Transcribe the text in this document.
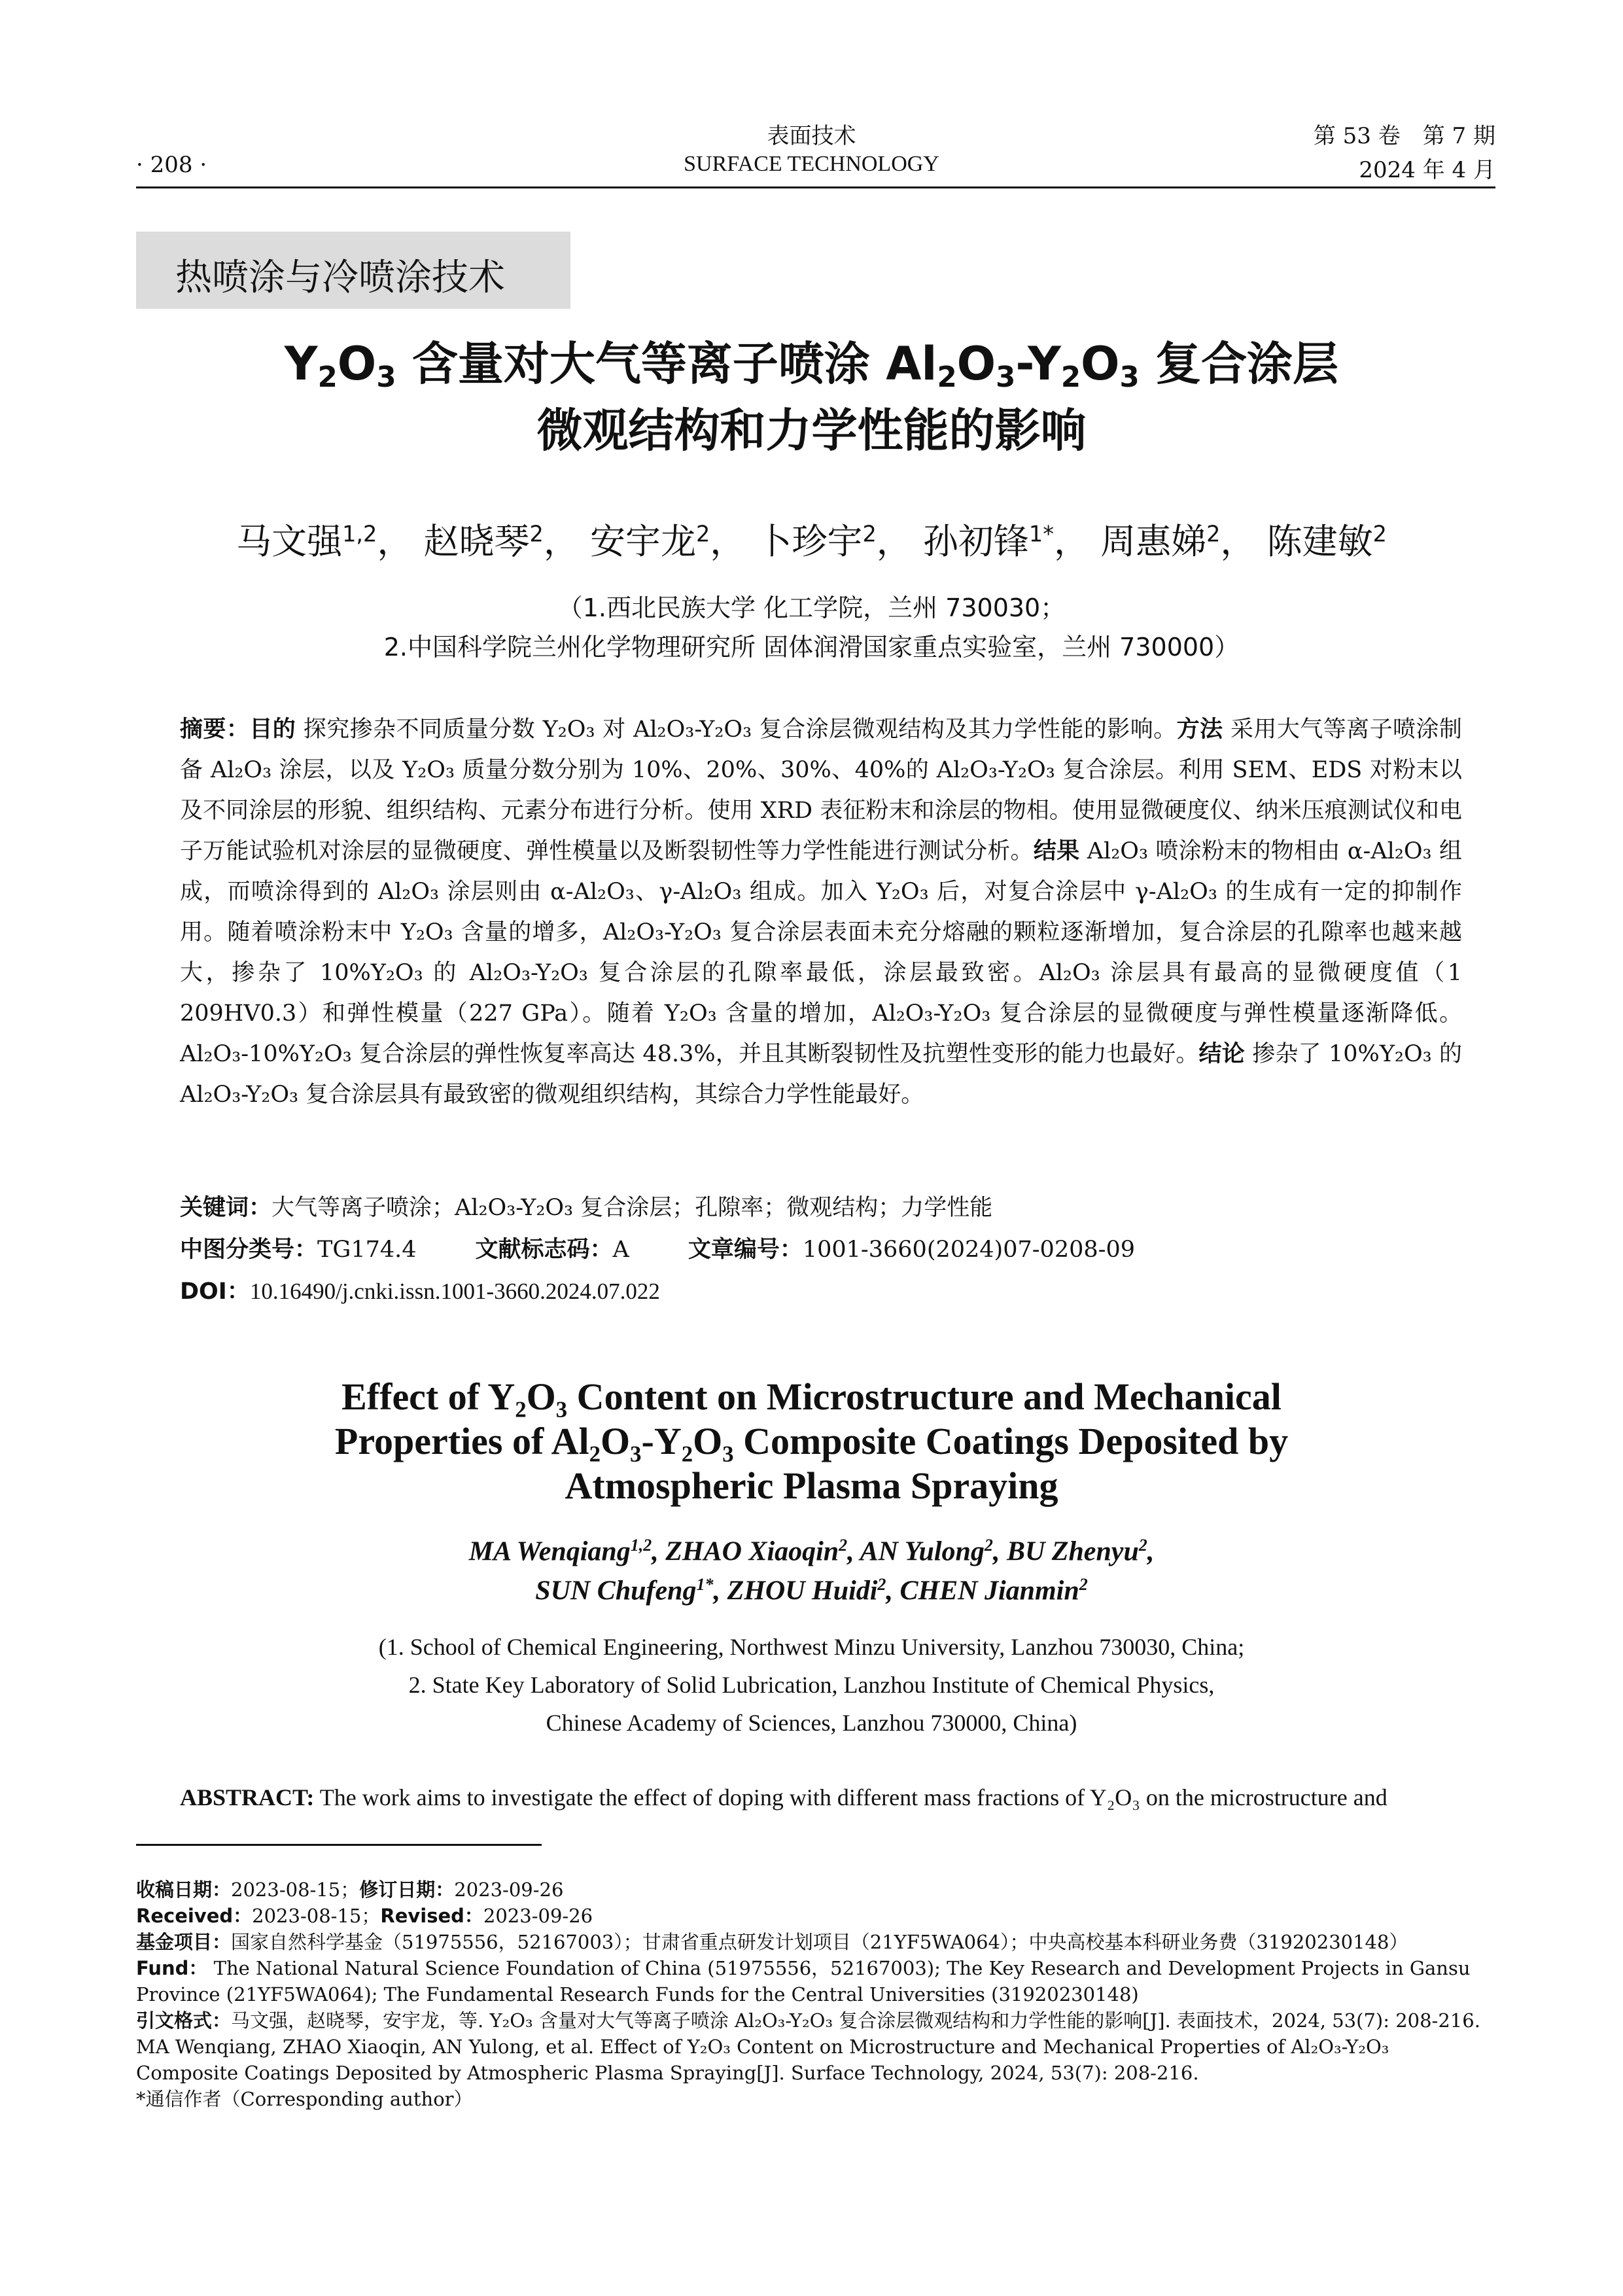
表面技术
· 208 ·	SURFACE TECHNOLOGY
第 53 卷　第 7 期
2024 年 4 月
热喷涂与冷喷涂技术
$Y_2O_3$ 含量对大气等离子喷涂 $Al_2O_3-Y_2O_3$ 复合涂层
微观结构和力学性能的影响
马文强$^{1,2}$， 赵晓琴$^2$， 安宇龙$^2$， 卜珍宇$^2$， 孙初锋$^{1*}$， 周惠娣$^2$， 陈建敏$^2$
（1.西北民族大学 化工学院，兰州 730030；
2.中国科学院兰州化学物理研究所 固体润滑国家重点实验室，兰州 730000）
摘要：目的 探究掺杂不同质量分数 Y₂O₃ 对 Al₂O₃-Y₂O₃ 复合涂层微观结构及其力学性能的影响。方法 采用大气等离子喷涂制备 Al₂O₃ 涂层，以及 Y₂O₃ 质量分数分别为 10%、20%、30%、40%的 Al₂O₃-Y₂O₃ 复合涂层。利用 SEM、EDS 对粉末以及不同涂层的形貌、组织结构、元素分布进行分析。使用 XRD 表征粉末和涂层的物相。使用显微硬度仪、纳米压痕测试仪和电子万能试验机对涂层的显微硬度、弹性模量以及断裂韧性等力学性能进行测试分析。结果 Al₂O₃ 喷涂粉末的物相由 α-Al₂O₃ 组成，而喷涂得到的 Al₂O₃ 涂层则由 α-Al₂O₃、γ-Al₂O₃ 组成。加入 Y₂O₃ 后，对复合涂层中 γ-Al₂O₃ 的生成有一定的抑制作用。随着喷涂粉末中 Y₂O₃ 含量的增多，Al₂O₃-Y₂O₃ 复合涂层表面未充分熔融的颗粒逐渐增加，复合涂层的孔隙率也越来越大，掺杂了 10%Y₂O₃ 的 Al₂O₃-Y₂O₃ 复合涂层的孔隙率最低，涂层最致密。Al₂O₃ 涂层具有最高的显微硬度值（1 209HV0.3）和弹性模量（227 GPa）。随着 Y₂O₃ 含量的增加，Al₂O₃-Y₂O₃ 复合涂层的显微硬度与弹性模量逐渐降低。Al₂O₃-10%Y₂O₃ 复合涂层的弹性恢复率高达 48.3%，并且其断裂韧性及抗塑性变形的能力也最好。结论 掺杂了 10%Y₂O₃ 的 Al₂O₃-Y₂O₃ 复合涂层具有最致密的微观组织结构，其综合力学性能最好。
关键词：大气等离子喷涂；Al₂O₃-Y₂O₃ 复合涂层；孔隙率；微观结构；力学性能
中图分类号：TG174.4	文献标志码：A	文章编号：1001-3660(2024)07-0208-09
DOI：10.16490/j.cnki.issn.1001-3660.2024.07.022
Effect of Y₂O₃ Content on Microstructure and Mechanical
Properties of Al₂O₃-Y₂O₃ Composite Coatings Deposited by
Atmospheric Plasma Spraying
MA Wenqiang$^{1,2}$, ZHAO Xiaoqin$^2$, AN Yulong$^2$, BU Zhenyu$^2$,
SUN Chufeng$^{1*}$, ZHOU Huidi$^2$, CHEN Jianmin$^2$
(1. School of Chemical Engineering, Northwest Minzu University, Lanzhou 730030, China;
2. State Key Laboratory of Solid Lubrication, Lanzhou Institute of Chemical Physics,
Chinese Academy of Sciences, Lanzhou 730000, China)
ABSTRACT: The work aims to investigate the effect of doping with different mass fractions of Y₂O₃ on the microstructure and
收稿日期：2023-08-15；修订日期：2023-09-26
Received：2023-08-15；Revised：2023-09-26
基金项目：国家自然科学基金（51975556，52167003）；甘肃省重点研发计划项目（21YF5WA064）；中央高校基本科研业务费（31920230148）
Fund： The National Natural Science Foundation of China (51975556，52167003); The Key Research and Development Projects in Gansu Province (21YF5WA064); The Fundamental Research Funds for the Central Universities (31920230148)
引文格式：马文强，赵晓琴，安宇龙，等. Y₂O₃ 含量对大气等离子喷涂 Al₂O₃-Y₂O₃ 复合涂层微观结构和力学性能的影响[J]. 表面技术，2024, 53(7): 208-216.
MA Wenqiang, ZHAO Xiaoqin, AN Yulong, et al. Effect of Y₂O₃ Content on Microstructure and Mechanical Properties of Al₂O₃-Y₂O₃ Composite Coatings Deposited by Atmospheric Plasma Spraying[J]. Surface Technology, 2024, 53(7): 208-216.
*通信作者（Corresponding author）
